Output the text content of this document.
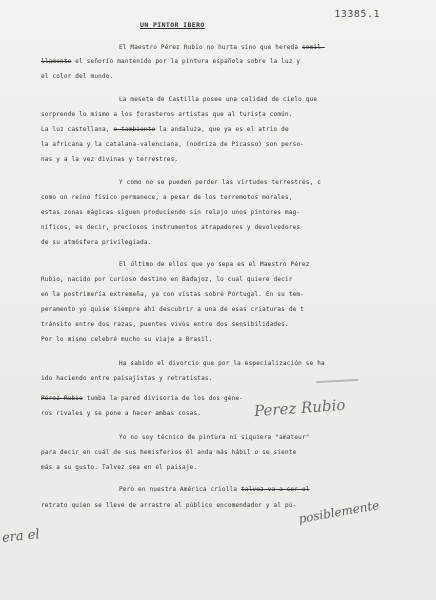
13385.1
UN PINTOR IBERO
El Maestro Pérez Rubio no hurta sino que hereda semil-
llamente el señorío mantenido por la pintura española sobre la luz y
el color del mundo.
La meseta de Castilla posee una calidad de cielo que
sorprende lo mismo a los forasteros artistas que al turista común.
La luz castellana, o tambiente la andaluza, que ya es el atrio de
la africana y la catalana-valenciana, (nodriza de Picasso) son perso-
nas y a la vez divinas y terrestres.
Y como no se pueden perder las virtudes terrestres, c
como un reino físico permanece, a pesar de los terremotos morales,
estas zonas mágicas siguen produciendo sin relajo unos pintores mag-
níficos, es decir, preciosos instrumentos atrapadores y devolvedores
de su atmósfera privilegiada.
El último de ellos que yo sepa es el Maestro Pérez
Rubio, nacido por curioso destino en Badajoz, lo cual quiere decir
en la postrimería extremeña, ya con vistas sobre Portugal. En su tem-
peramento yo quise siempre ahí descubrir a una de esas criaturas de t
tránsito entre dos razas, puentes vivos entre dos sensibilidades.
Por lo mismo celebré mucho su viaje a Brasil.
Ha sabido el divorcio que por la especialización se ha
ido haciendo entre paisajistas y retratistas.
Pérez Rubio tumba la pared divisoria de los dos géne-
ros rivales y se pone a hacer ambas cosas.
Yo no soy técnico de pintura ni siquiera "amateur"
para decir en cuál de sus hemisferios él anda más hábil o se siente
más a su gusto. Talvez sea en el paisaje.
Pero en nuestra América criolla talvez va a ser el
retrato quien se lleve de arrastre al público encomendador y al pú-
Perez Rubio
posiblemente
era el
